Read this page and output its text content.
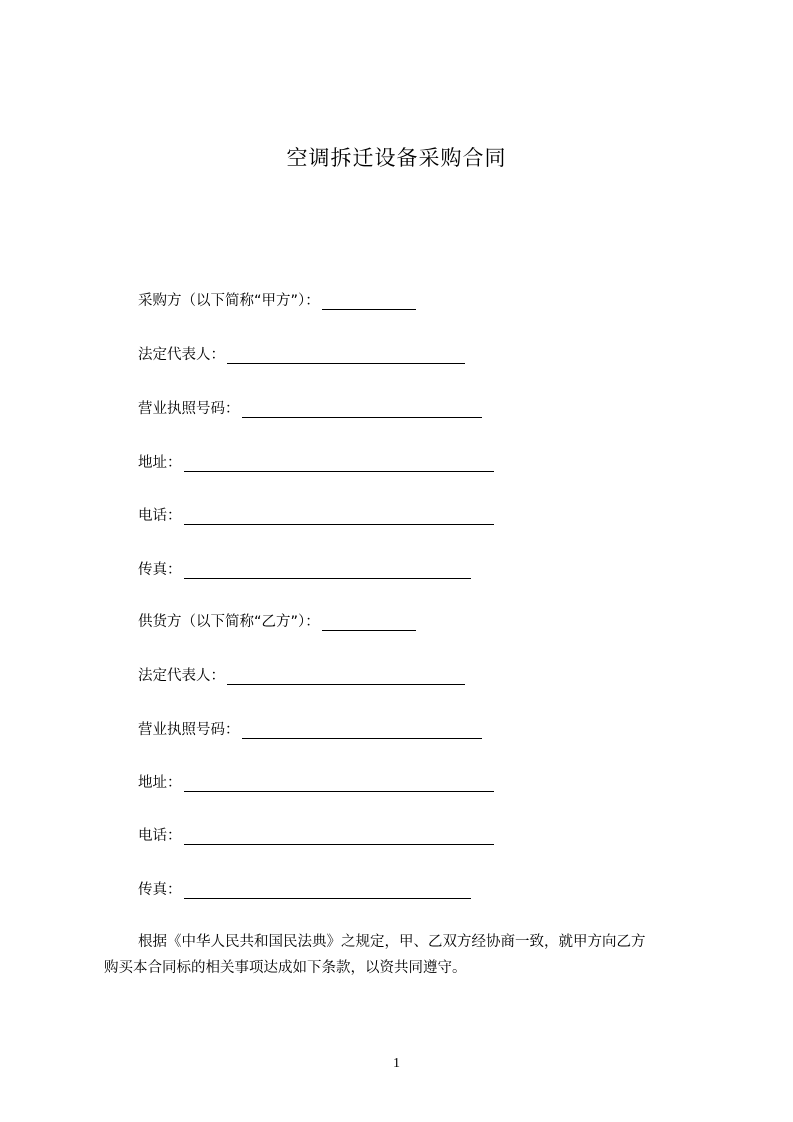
空调拆迁设备采购合同
采购方（以下简称“甲方”）：
法定代表人：
营业执照号码：
地址：
电话：
传真：
供货方（以下简称“乙方”）：
法定代表人：
营业执照号码：
地址：
电话：
传真：
根据《中华人民共和国民法典》之规定，甲、乙双方经协商一致，就甲方向乙方
购买本合同标的相关事项达成如下条款，以资共同遵守。
1
